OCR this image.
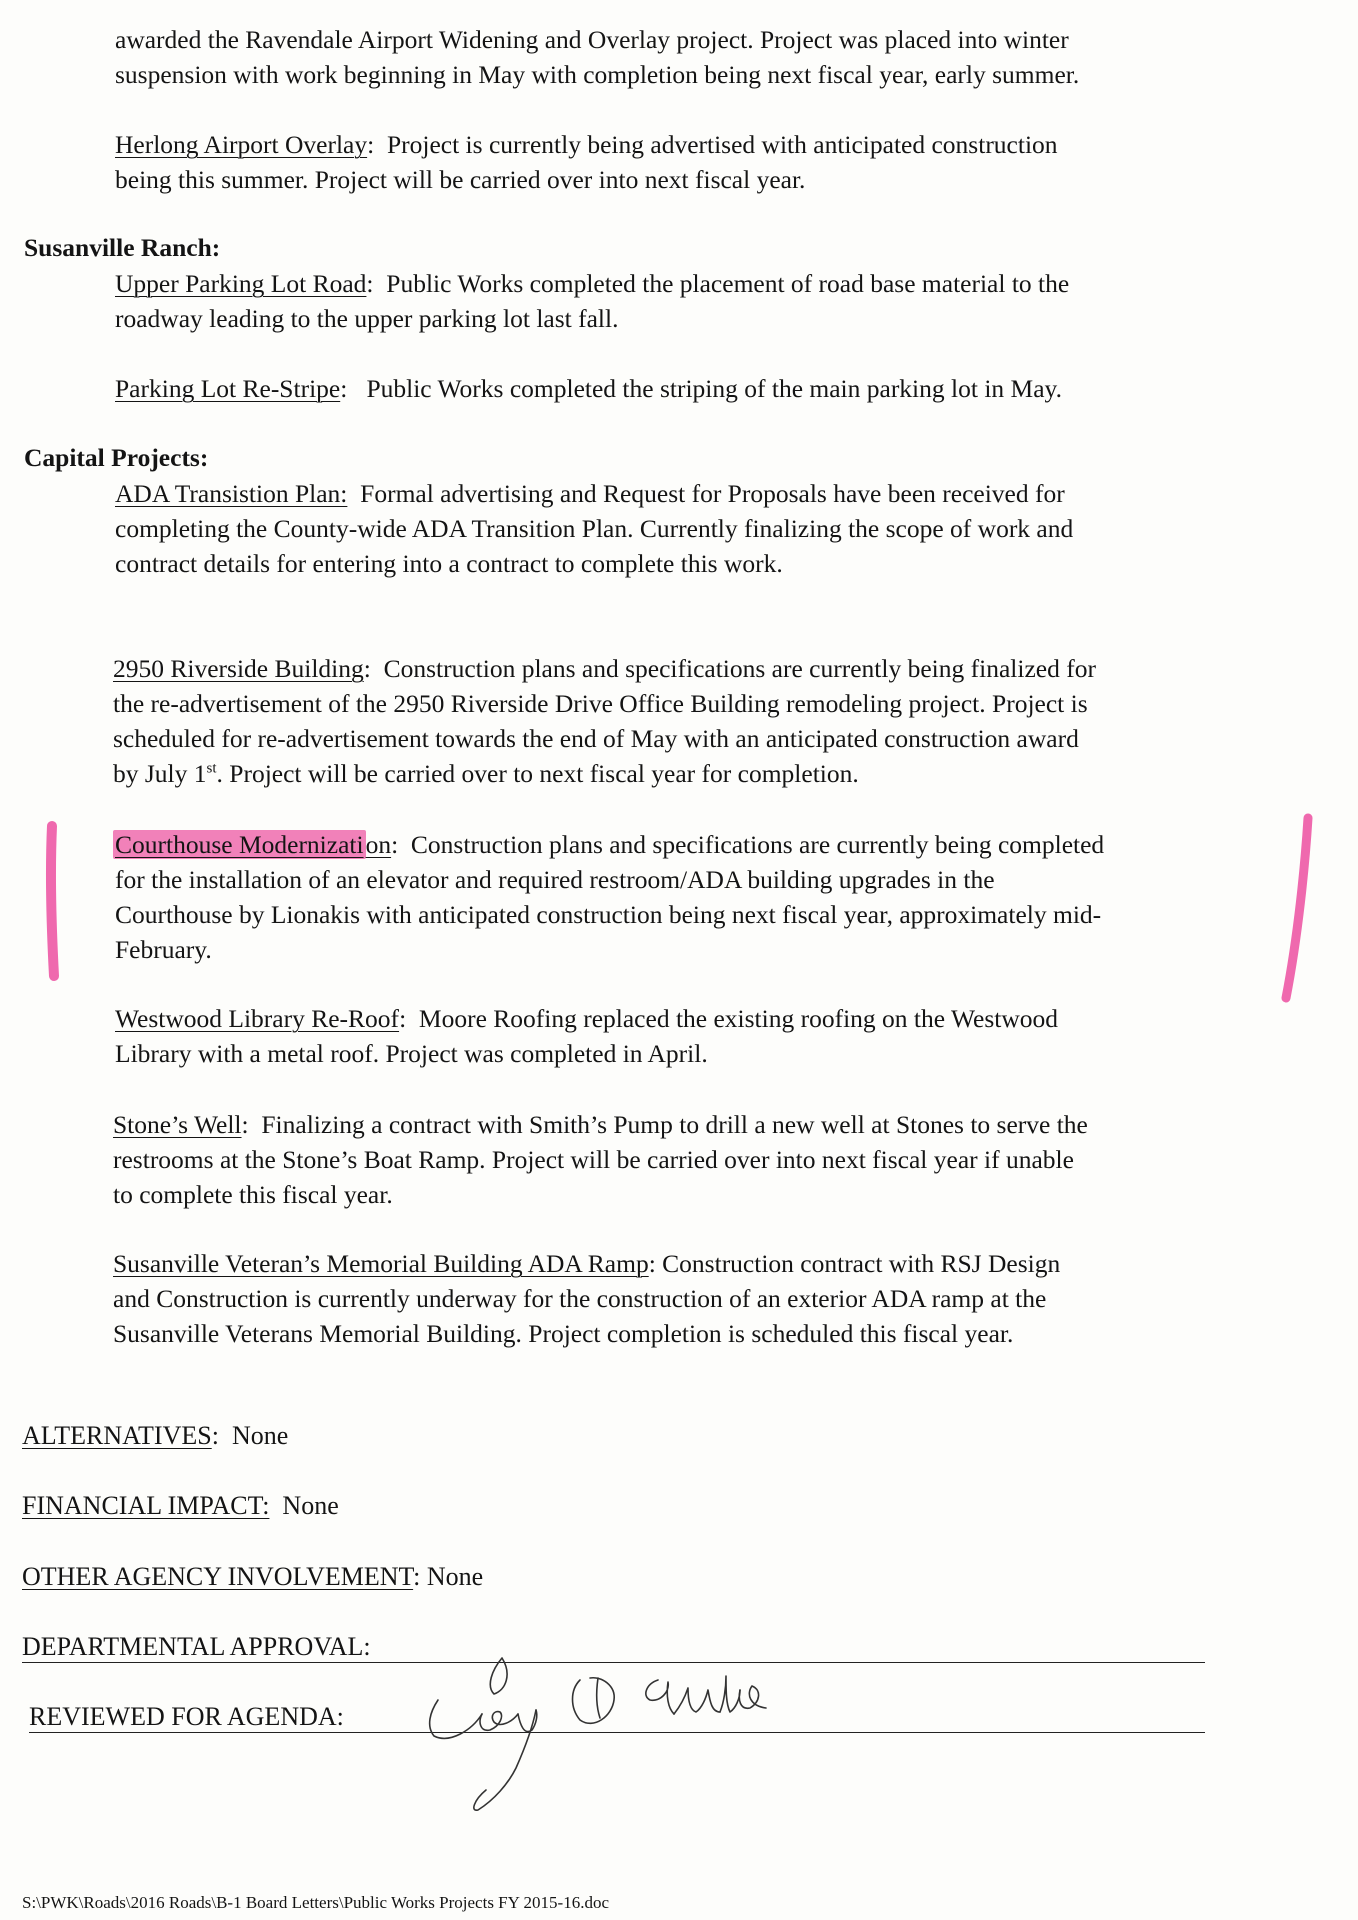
awarded the Ravendale Airport Widening and Overlay project. Project was placed into winter
suspension with work beginning in May with completion being next fiscal year, early summer.

Herlong Airport Overlay:  Project is currently being advertised with anticipated construction
being this summer. Project will be carried over into next fiscal year.

Susanville Ranch:

Upper Parking Lot Road:  Public Works completed the placement of road base material to the
roadway leading to the upper parking lot last fall.

Parking Lot Re-Stripe:   Public Works completed the striping of the main parking lot in May.

Capital Projects:

ADA Transistion Plan:  Formal advertising and Request for Proposals have been received for
completing the County-wide ADA Transition Plan. Currently finalizing the scope of work and
contract details for entering into a contract to complete this work.

2950 Riverside Building:  Construction plans and specifications are currently being finalized for
the re-advertisement of the 2950 Riverside Drive Office Building remodeling project. Project is
scheduled for re-advertisement towards the end of May with an anticipated construction award
by July 1st. Project will be carried over to next fiscal year for completion.

Courthouse Modernization:  Construction plans and specifications are currently being completed
for the installation of an elevator and required restroom/ADA building upgrades in the
Courthouse by Lionakis with anticipated construction being next fiscal year, approximately mid-
February.

Westwood Library Re-Roof:  Moore Roofing replaced the existing roofing on the Westwood
Library with a metal roof. Project was completed in April.

Stone’s Well:  Finalizing a contract with Smith’s Pump to drill a new well at Stones to serve the
restrooms at the Stone’s Boat Ramp. Project will be carried over into next fiscal year if unable
to complete this fiscal year.

Susanville Veteran’s Memorial Building ADA Ramp: Construction contract with RSJ Design
and Construction is currently underway for the construction of an exterior ADA ramp at the
Susanville Veterans Memorial Building. Project completion is scheduled this fiscal year.

ALTERNATIVES:  None

FINANCIAL IMPACT:  None

OTHER AGENCY INVOLVEMENT: None

DEPARTMENTAL APPROVAL:

REVIEWED FOR AGENDA:

S:\PWK\Roads\2016 Roads\B-1 Board Letters\Public Works Projects FY 2015-16.doc
